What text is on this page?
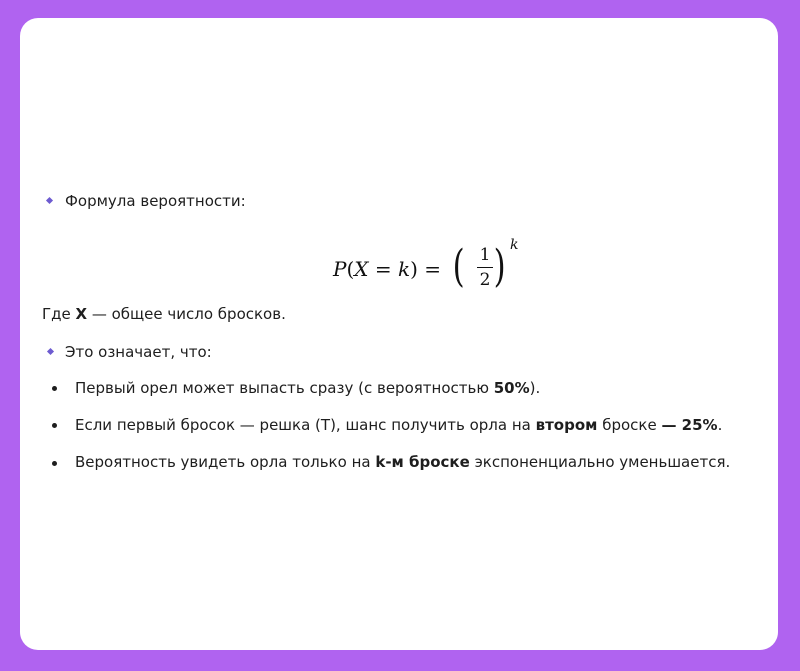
Формула вероятности:
P(X = k) = ( 1
2 ) k
Где X — общее число бросков.
Это означает, что:
Первый орел может выпасть сразу (с вероятностью 50%).
Если первый бросок — решка (T), шанс получить орла на втором броске — 25%.
Вероятность увидеть орла только на k-м броске экспоненциально уменьшается.
